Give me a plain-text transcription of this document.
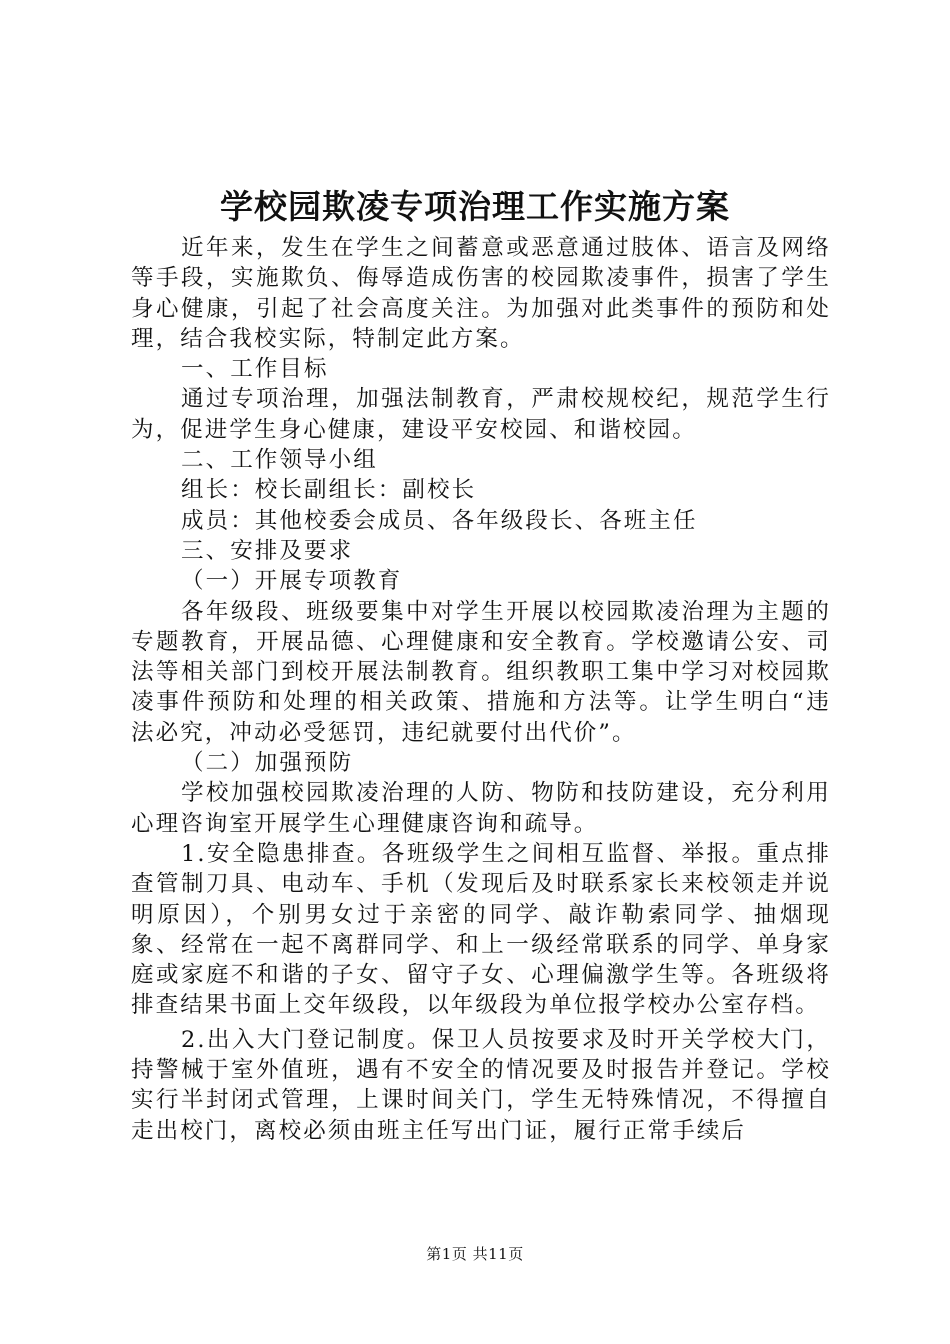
学校园欺凌专项治理工作实施方案

近年来，发生在学生之间蓄意或恶意通过肢体、语言及网络等手段，实施欺负、侮辱造成伤害的校园欺凌事件，损害了学生身心健康，引起了社会高度关注。为加强对此类事件的预防和处理，结合我校实际，特制定此方案。

一、工作目标

通过专项治理，加强法制教育，严肃校规校纪，规范学生行为，促进学生身心健康，建设平安校园、和谐校园。

二、工作领导小组

组长：校长副组长：副校长

成员：其他校委会成员、各年级段长、各班主任

三、安排及要求

（一）开展专项教育

各年级段、班级要集中对学生开展以校园欺凌治理为主题的专题教育，开展品德、心理健康和安全教育。学校邀请公安、司法等相关部门到校开展法制教育。组织教职工集中学习对校园欺凌事件预防和处理的相关政策、措施和方法等。让学生明白“违法必究，冲动必受惩罚，违纪就要付出代价”。

（二）加强预防

学校加强校园欺凌治理的人防、物防和技防建设，充分利用心理咨询室开展学生心理健康咨询和疏导。

1.安全隐患排查。各班级学生之间相互监督、举报。重点排查管制刀具、电动车、手机（发现后及时联系家长来校领走并说明原因），个别男女过于亲密的同学、敲诈勒索同学、抽烟现象、经常在一起不离群同学、和上一级经常联系的同学、单身家庭或家庭不和谐的子女、留守子女、心理偏激学生等。各班级将排查结果书面上交年级段，以年级段为单位报学校办公室存档。

2.出入大门登记制度。保卫人员按要求及时开关学校大门，持警械于室外值班，遇有不安全的情况要及时报告并登记。学校实行半封闭式管理，上课时间关门，学生无特殊情况，不得擅自走出校门，离校必须由班主任写出门证，履行正常手续后

第1页 共11页
